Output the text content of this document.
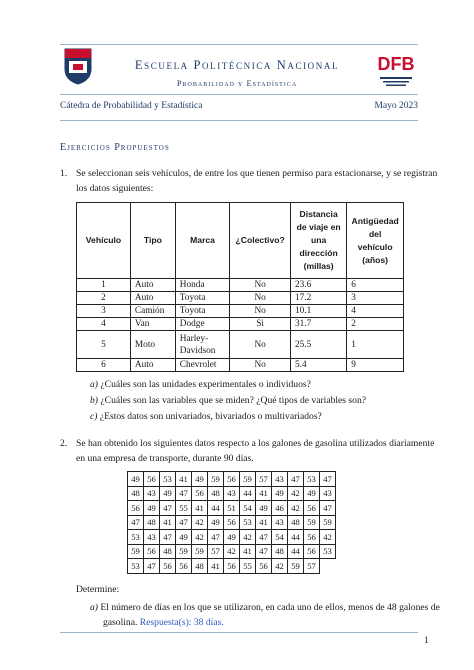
Escuela Politécnica Nacional
Probabilidad y Estadística
DFB
Cátedra de Probabilidad y Estadística	Mayo 2023
Ejercicios Propuestos
1. Se seleccionan seis vehículos, de entre los que tienen permiso para estacionarse, y se registran
los datos siguientes:
Vehículo	Tipo	Marca	¿Colectivo?	Distancia de viaje en una dirección (millas)	Antigüedad del vehículo (años)
1	Auto	Honda	No	23.6	6
2	Auto	Toyota	No	17.2	3
3	Camión	Toyota	No	10.1	4
4	Van	Dodge	Si	31.7	2
5	Moto	Harley-Davidson	No	25.5	1
6	Auto	Chevrolet	No	5.4	9
a) ¿Cuáles son las unidades experimentales o individuos?
b) ¿Cuáles son las variables que se miden? ¿Qué tipos de variables son?
c) ¿Estos datos son univariados, bivariados o multivariados?
2. Se han obtenido los siguientes datos respecto a los galones de gasolina utilizados diariamente
en una empresa de transporte, durante 90 días.
49	56	53	41	49	59	56	59	57	43	47	53	47
48	43	49	47	56	48	43	44	41	49	42	49	43
56	49	47	55	41	44	51	54	49	46	42	56	47
47	48	41	47	42	49	56	53	41	43	48	59	59
53	43	47	49	42	47	49	42	47	54	44	56	42
59	56	48	59	59	57	42	41	47	48	44	56	53
53	47	56	56	48	41	56	55	56	42	59	57	
Determine:
a) El número de días en los que se utilizaron, en cada uno de ellos, menos de 48 galones de
gasolina. Respuesta(s): 38 días.
1
